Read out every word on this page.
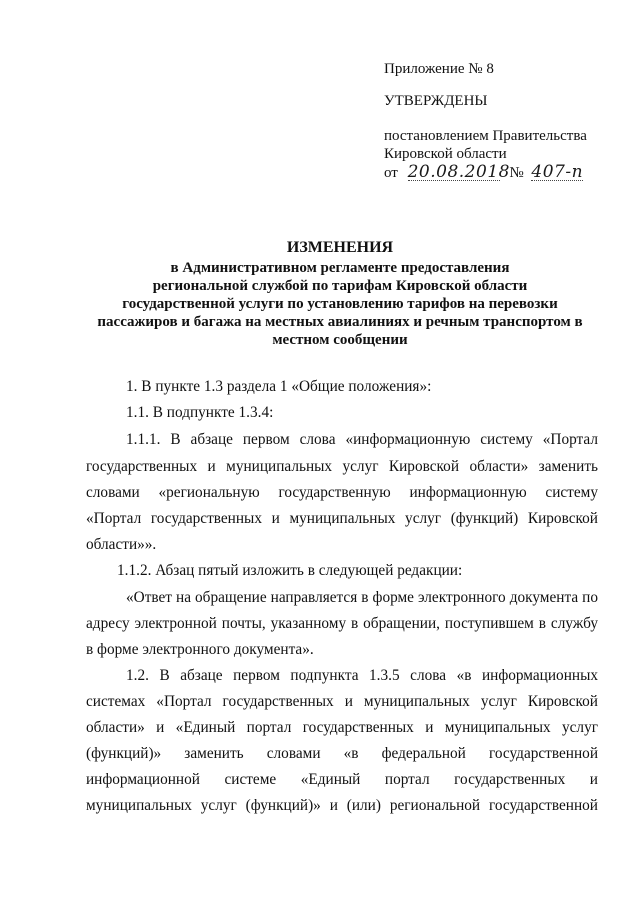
Приложение № 8
УТВЕРЖДЕНЫ
постановлением Правительства
Кировской области
от 20.08.2018 № 407-п
ИЗМЕНЕНИЯ
в Административном регламенте предоставления
региональной службой по тарифам Кировской области
государственной услуги по установлению тарифов на перевозки
пассажиров и багажа на местных авиалиниях и речным транспортом в
местном сообщении
1. В пункте 1.3 раздела 1 «Общие положения»:
1.1. В подпункте 1.3.4:
1.1.1. В абзаце первом слова «информационную систему «Портал
государственных и муниципальных услуг Кировской области» заменить
словами «региональную государственную информационную систему
«Портал государственных и муниципальных услуг (функций) Кировской
области»».
1.1.2. Абзац пятый изложить в следующей редакции:
«Ответ на обращение направляется в форме электронного документа по
адресу электронной почты, указанному в обращении, поступившем в службу
в форме электронного документа».
1.2. В абзаце первом подпункта 1.3.5 слова «в информационных
системах «Портал государственных и муниципальных услуг Кировской
области» и «Единый портал государственных и муниципальных услуг
(функций)» заменить словами «в федеральной государственной
информационной системе «Единый портал государственных и
муниципальных услуг (функций)» и (или) региональной государственной
